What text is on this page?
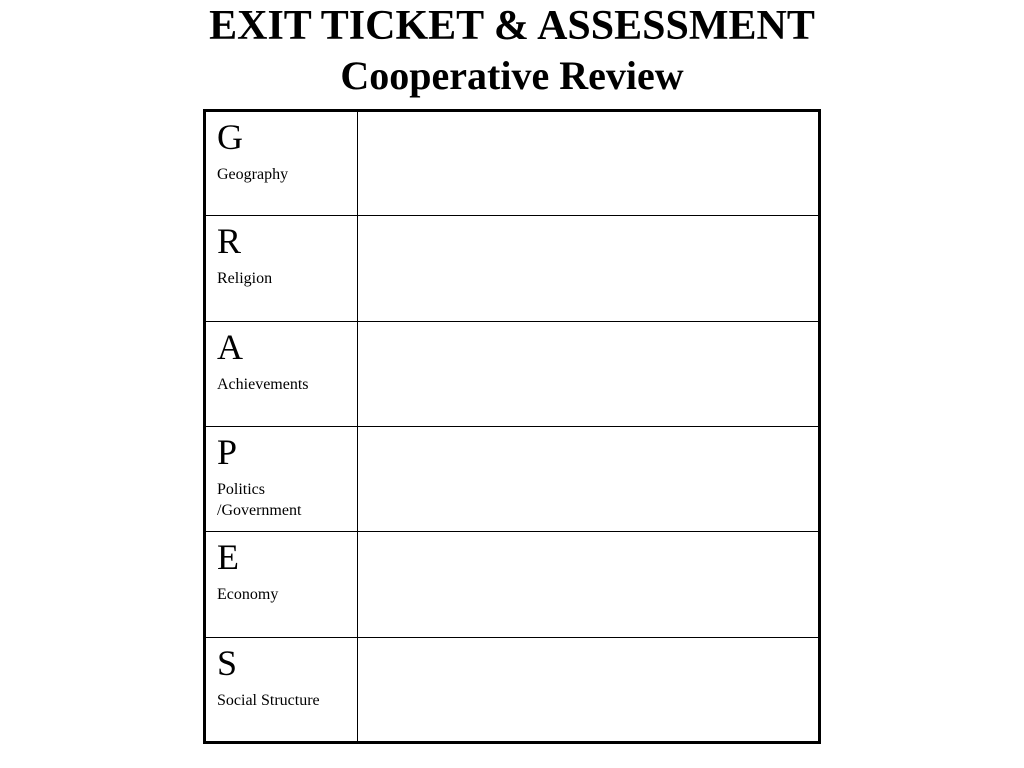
EXIT TICKET & ASSESSMENT
Cooperative Review
G
Geography	

R
Religion	

A
Achievements	

P
Politics
/Government	

E
Economy	

S
Social Structure	
